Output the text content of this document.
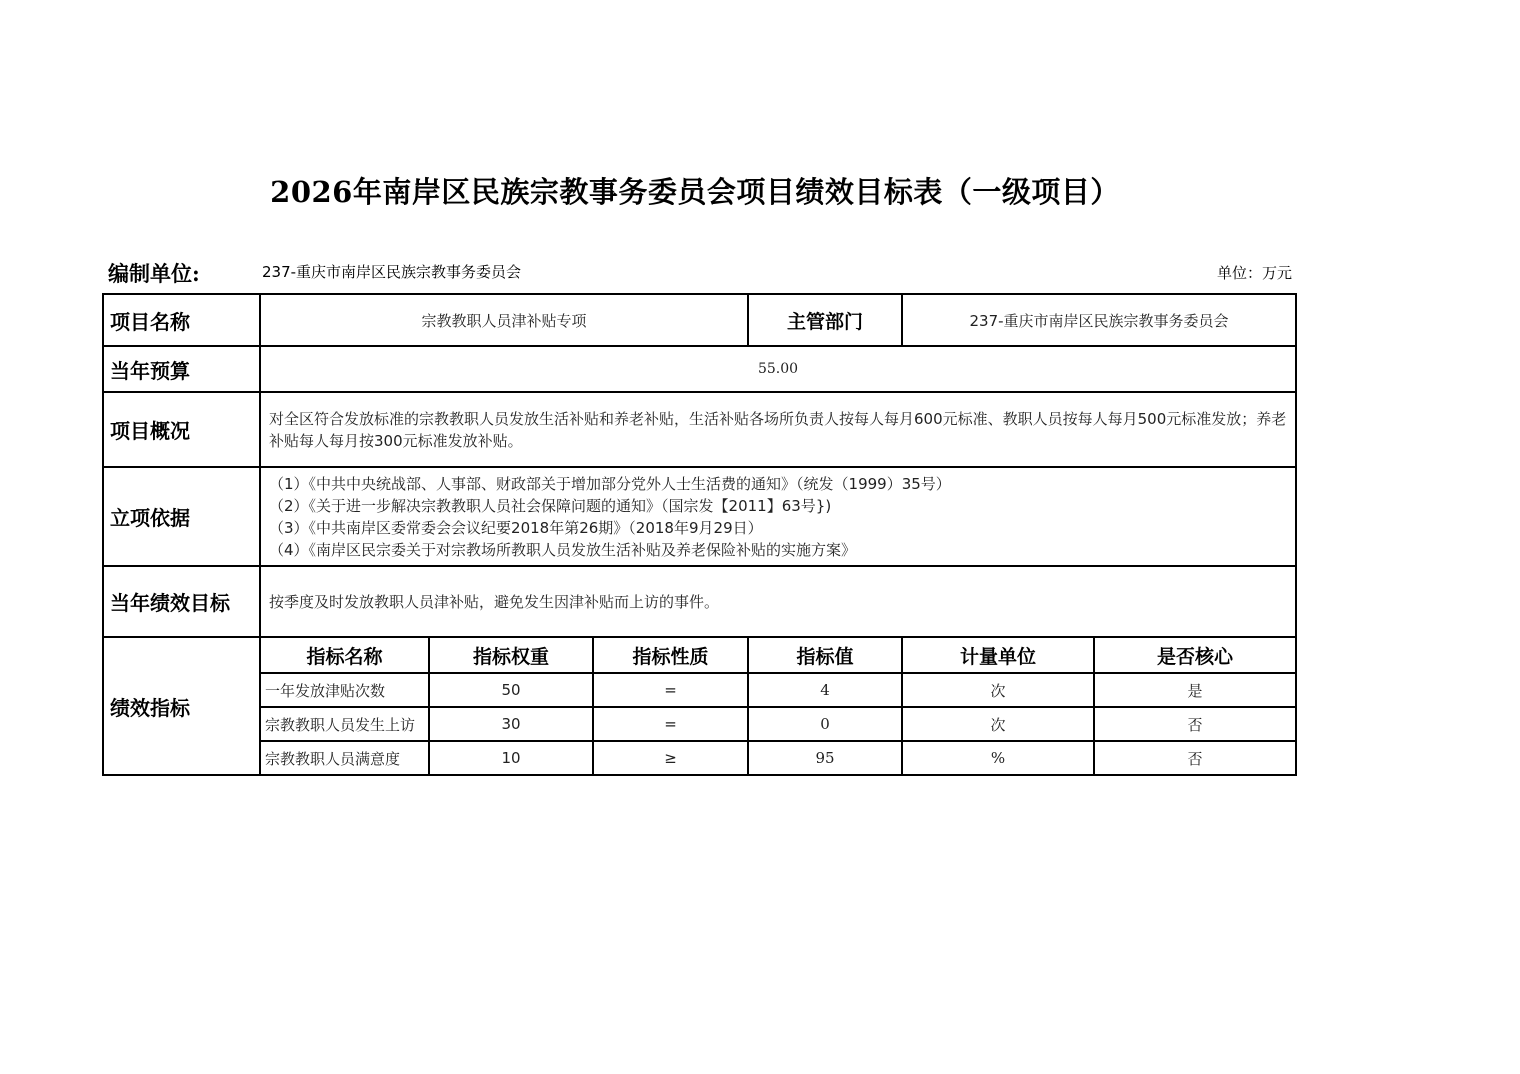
2026年南岸区民族宗教事务委员会项目绩效目标表（一级项目）
编制单位:	237-重庆市南岸区民族宗教事务委员会	单位：万元
项目名称	宗教教职人员津补贴专项			主管部门	237-重庆市南岸区民族宗教事务委员会	
当年预算	55.00					
项目概况	对全区符合发放标准的宗教教职人员发放生活补贴和养老补贴，生活补贴各场所负责人按每人每月600元标准、教职人员按每人每月500元标准发放；养老补贴每人每月按300元标准发放补贴。					
立项依据	（1）《中共中央统战部、人事部、财政部关于增加部分党外人士生活费的通知》（统发（1999）35号）
（2）《关于进一步解决宗教教职人员社会保障问题的通知》（国宗发【2011】63号})
（3）《中共南岸区委常委会会议纪要2018年第26期》（2018年9月29日）
（4）《南岸区民宗委关于对宗教场所教职人员发放生活补贴及养老保险补贴的实施方案》					

当年绩效目标	按季度及时发放教职人员津补贴，避免发生因津补贴而上访的事件。					
绩效指标	指标名称	指标权重	指标性质	指标值	计量单位	是否核心
	一年发放津贴次数	50	=	4	次	是
	宗教教职人员发生上访	30	=	0	次	否
	宗教教职人员满意度	10	≥	95	%	否
